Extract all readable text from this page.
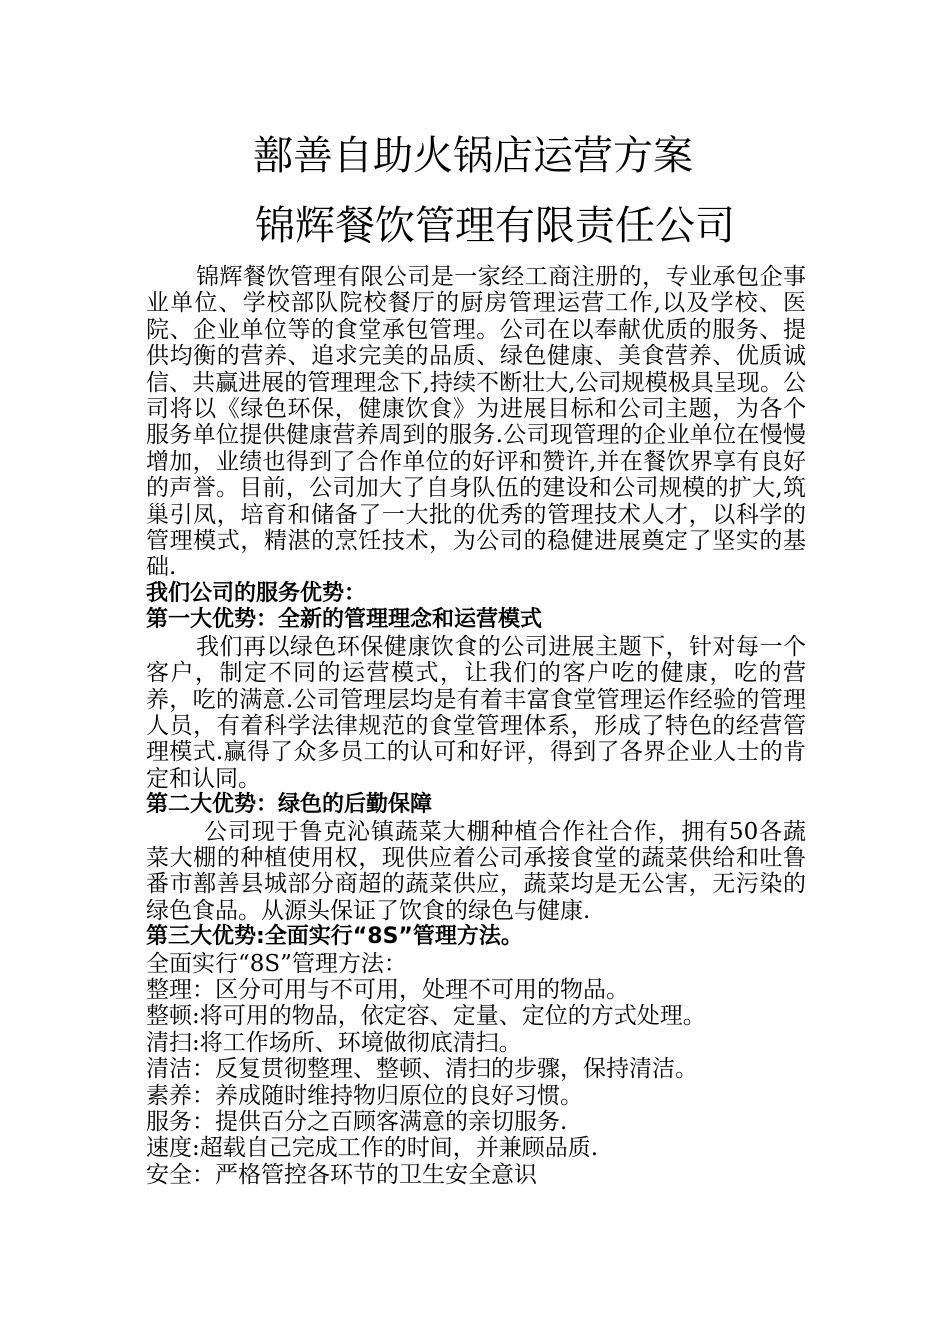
鄯善自助火锅店运营方案
锦辉餐饮管理有限责任公司

锦辉餐饮管理有限公司是一家经工商注册的，专业承包企事业单位、学校部队院校餐厅的厨房管理运营工作,以及学校、医院、企业单位等的食堂承包管理。公司在以奉献优质的服务、提供均衡的营养、追求完美的品质、绿色健康、美食营养、优质诚信、共赢进展的管理理念下,持续不断壮大,公司规模极具呈现。公司将以《绿色环保，健康饮食》为进展目标和公司主题，为各个服务单位提供健康营养周到的服务.公司现管理的企业单位在慢慢增加，业绩也得到了合作单位的好评和赞许,并在餐饮界享有良好的声誉。目前，公司加大了自身队伍的建设和公司规模的扩大,筑巢引凤，培育和储备了一大批的优秀的管理技术人才，以科学的管理模式，精湛的烹饪技术，为公司的稳健进展奠定了坚实的基础.

我们公司的服务优势：

第一大优势：全新的管理理念和运营模式

我们再以绿色环保健康饮食的公司进展主题下，针对每一个客户，制定不同的运营模式，让我们的客户吃的健康，吃的营养，吃的满意.公司管理层均是有着丰富食堂管理运作经验的管理人员，有着科学法律规范的食堂管理体系，形成了特色的经营管理模式.赢得了众多员工的认可和好评，得到了各界企业人士的肯定和认同。

第二大优势：绿色的后勤保障

公司现于鲁克沁镇蔬菜大棚种植合作社合作，拥有50各蔬菜大棚的种植使用权，现供应着公司承接食堂的蔬菜供给和吐鲁番市鄯善县城部分商超的蔬菜供应，蔬菜均是无公害，无污染的绿色食品。从源头保证了饮食的绿色与健康.

第三大优势:全面实行“8S”管理方法。

全面实行“8S”管理方法：

整理：区分可用与不可用，处理不可用的物品。

整顿:将可用的物品，依定容、定量、定位的方式处理。

清扫:将工作场所、环境做彻底清扫。

清洁：反复贯彻整理、整顿、清扫的步骤，保持清洁。

素养：养成随时维持物归原位的良好习惯。

服务：提供百分之百顾客满意的亲切服务.

速度:超载自己完成工作的时间，并兼顾品质.

安全：严格管控各环节的卫生安全意识
